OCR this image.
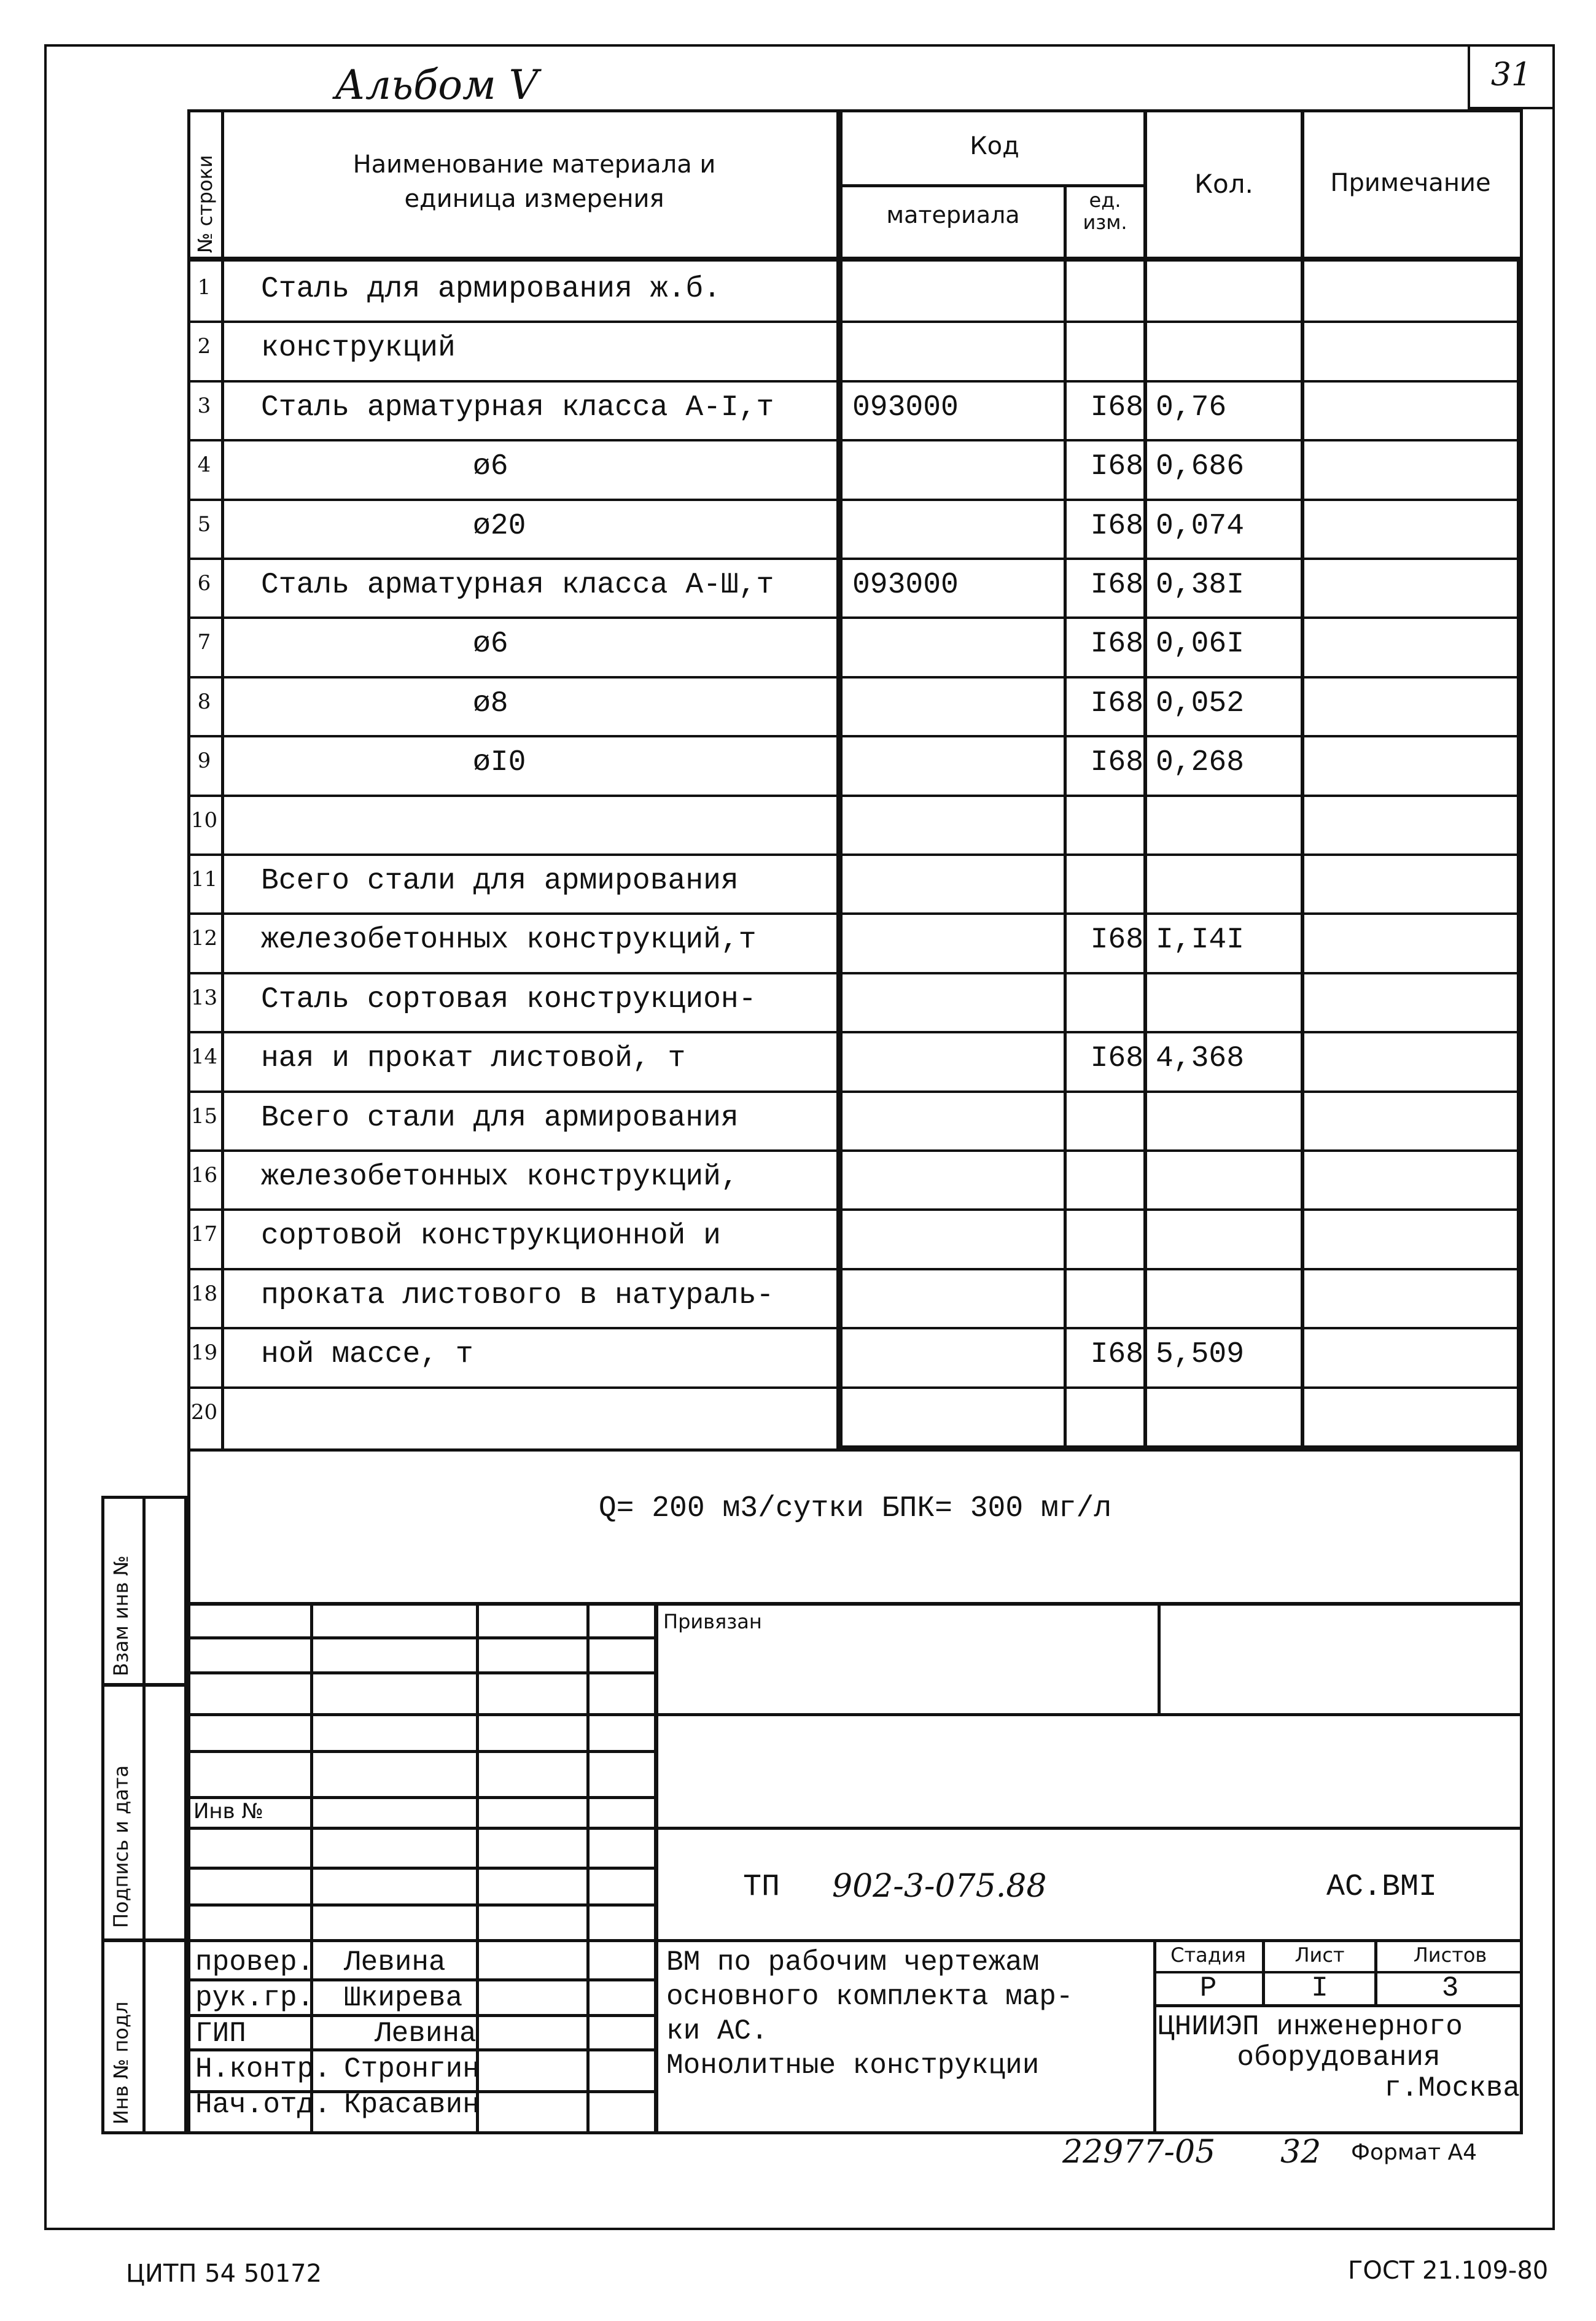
31
Альбом V
№ строки	Наименование материала и единица измерения
Код
материала
ед. изм.
Кол.	Примечание
1	Сталь для армирования ж.б.
2	конструкций
3	Сталь арматурная класса А-I,т	093000	I68 0,76
4	ø6	I68 0,686
5	ø20	I68 0,074
6	Сталь арматурная класса А-Ш,т	093000	I68 0,38I
7	ø6	I68 0,06I
8	ø8	I68 0,052
9	øI0	I68 0,268
10
11 Всего стали для армирования
12 железобетонных конструкций,т	I68 I,I4I
13 Сталь сортовая конструкцион-
14 ная и прокат листовой, т	I68 4,368
15 Всего стали для армирования
16 железобетонных конструкций,
17 сортовой конструкционной и
18 проката листового в натураль-
19 ной массе, т	I68 5,509
20
Q= 200 м3/сутки БПК= 300 мг/л
Взам инв №
Подпись и дата
Инв № подл
Привязан
Инв №
ТП 902-3-075.88	АС.BMI
ВМ по рабочим чертежам
основного комплекта мар-
ки АС.
Монолитные конструкции
Стадия	Лист	Листов
Р	I	3
ЦНИИЭП инженерного
оборудования
г.Москва
провер. Левина
рук.гр. Шкирева
ГИП	Левина
Н.контр. Стронгин
Нач.отд. Красавин
22977-05 32 Формат А4
ЦИТП 54 50172	ГОСТ 21.109-80
